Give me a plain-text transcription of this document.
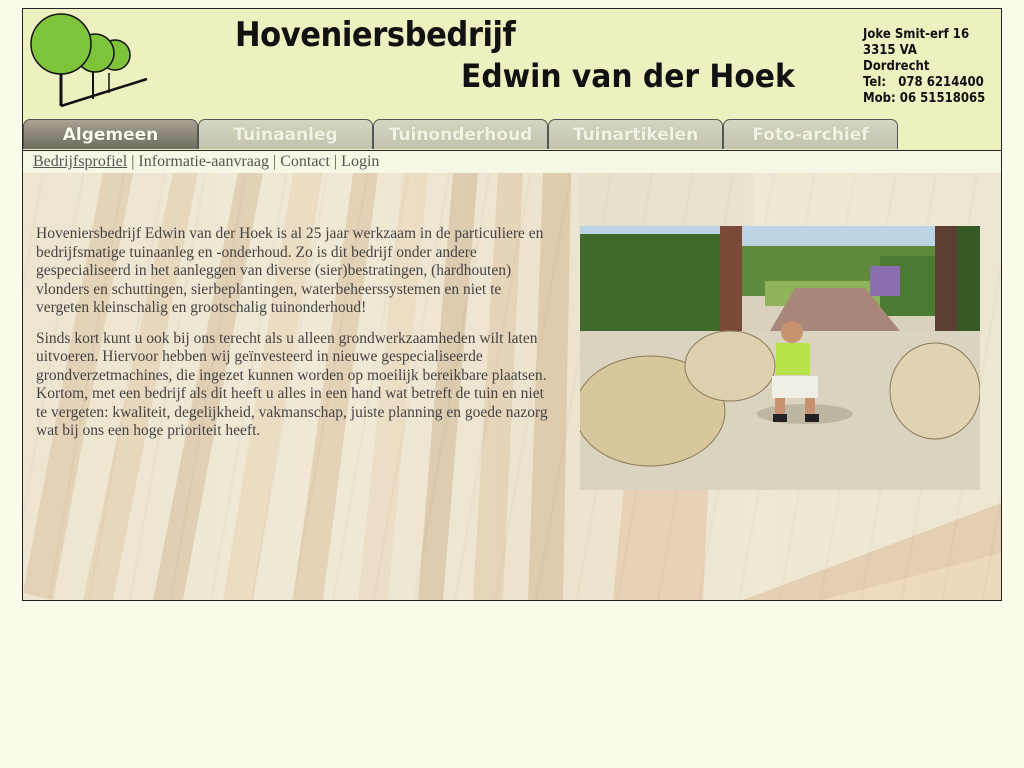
Hoveniersbedrijf
Edwin van der Hoek
Joke Smit-erf 16
3315 VA Dordrecht
Tel:   078 6214400
Mob: 06 51518065
Algemeen	Tuinaanleg	Tuinonderhoud	Tuinartikelen	Foto-archief
Bedrijfsprofiel | Informatie-aanvraag | Contact | Login

Hoveniersbedrijf Edwin van der Hoek is al 25 jaar werkzaam in de particuliere en bedrijfsmatige tuinaanleg en -onderhoud. Zo is dit bedrijf onder andere gespecialiseerd in het aanleggen van diverse (sier)bestratingen, (hardhouten) vlonders en schuttingen, sierbeplantingen, waterbeheerssystemen en niet te vergeten kleinschalig en grootschalig tuinonderhoud!

Sinds kort kunt u ook bij ons terecht als u alleen grondwerkzaamheden wilt laten uitvoeren. Hiervoor hebben wij geïnvesteerd in nieuwe gespecialiseerde grondverzetmachines, die ingezet kunnen worden op moeilijk bereikbare plaatsen.

Kortom, met een bedrijf als dit heeft u alles in een hand wat betreft de tuin en niet te vergeten: kwaliteit, degelijkheid, vakmanschap, juiste planning en goede nazorg wat bij ons een hoge prioriteit heeft.
